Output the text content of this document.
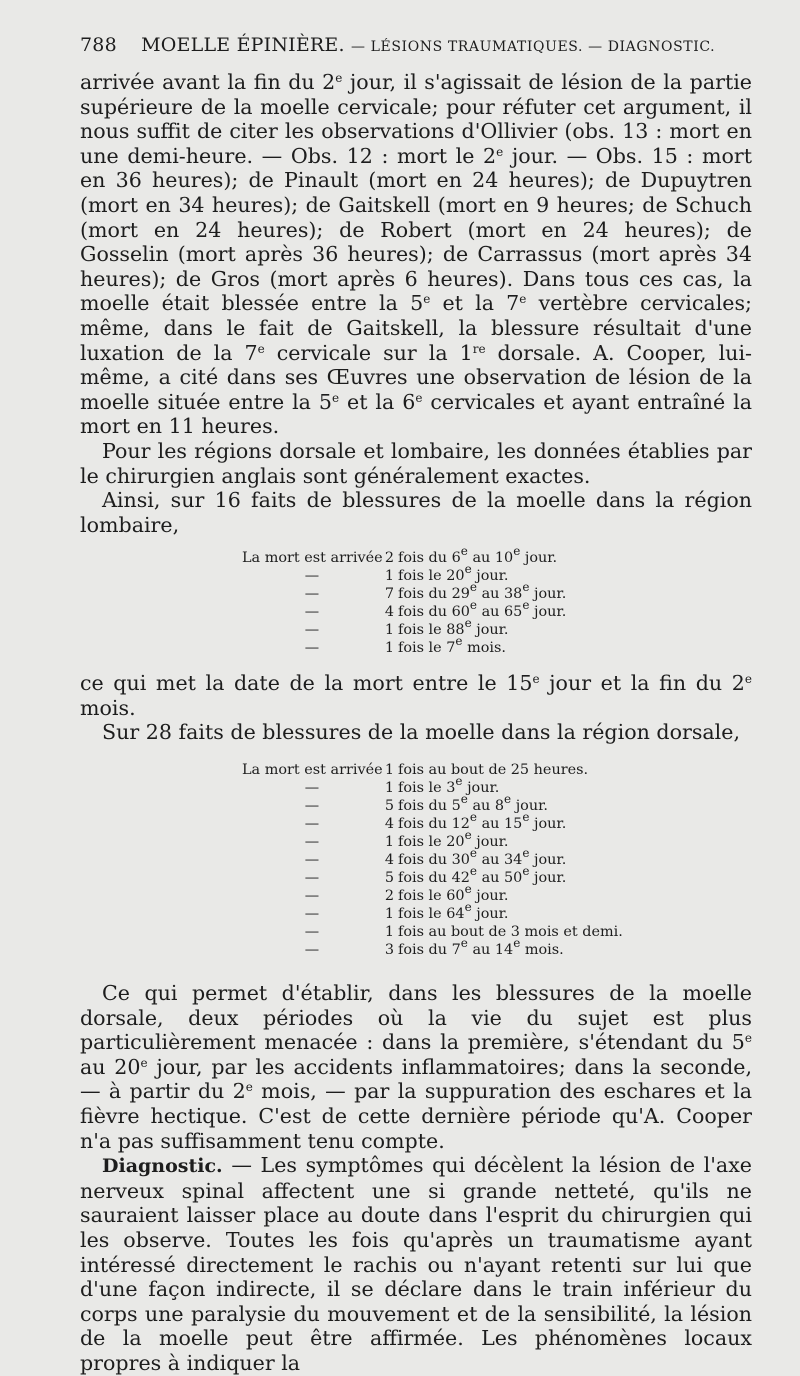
788 MOELLE ÉPINIÈRE. — LÉSIONS TRAUMATIQUES. — DIAGNOSTIC.

arrivée avant la fin du 2e jour, il s'agissait de lésion de la partie supérieure de la moelle cervicale; pour réfuter cet argument, il nous suffit de citer les observations d'Ollivier (obs. 13 : mort en une demi-heure. — Obs. 12 : mort le 2e jour. — Obs. 15 : mort en 36 heures); de Pinault (mort en 24 heures); de Dupuytren (mort en 34 heures); de Gaitskell (mort en 9 heures; de Schuch (mort en 24 heures); de Robert (mort en 24 heures); de Gosselin (mort après 36 heures); de Carrassus (mort après 34 heures); de Gros (mort après 6 heures). Dans tous ces cas, la moelle était blessée entre la 5e et la 7e vertèbre cervicales; même, dans le fait de Gaitskell, la blessure résultait d'une luxation de la 7e cervicale sur la 1re dorsale. A. Cooper, lui-même, a cité dans ses Œuvres une observation de lésion de la moelle située entre la 5e et la 6e cervicales et ayant entraîné la mort en 11 heures.

Pour les régions dorsale et lombaire, les données établies par le chirurgien anglais sont généralement exactes.

Ainsi, sur 16 faits de blessures de la moelle dans la région lombaire,

La mort est arrivée 2 fois du 6e au 10e jour.
—	1 fois le 20e jour.
—	7 fois du 29e au 38e jour.
—	4 fois du 60e au 65e jour.
—	1 fois le 88e jour.
—	1 fois le 7e mois.

ce qui met la date de la mort entre le 15e jour et la fin du 2e mois.

Sur 28 faits de blessures de la moelle dans la région dorsale,

La mort est arrivée 1 fois au bout de 25 heures.
—	1 fois le 3e jour.
—	5 fois du 5e au 8e jour.
—	4 fois du 12e au 15e jour.
—	1 fois le 20e jour.
—	4 fois du 30e au 34e jour.
—	5 fois du 42e au 50e jour.
—	2 fois le 60e jour.
—	1 fois le 64e jour.
—	1 fois au bout de 3 mois et demi.
—	3 fois du 7e au 14e mois.

Ce qui permet d'établir, dans les blessures de la moelle dorsale, deux périodes où la vie du sujet est plus particulièrement menacée : dans la première, s'étendant du 5e au 20e jour, par les accidents inflammatoires; dans la seconde, — à partir du 2e mois, — par la suppuration des eschares et la fièvre hectique. C'est de cette dernière période qu'A. Cooper n'a pas suffisamment tenu compte.

Diagnostic. — Les symptômes qui décèlent la lésion de l'axe nerveux spinal affectent une si grande netteté, qu'ils ne sauraient laisser place au doute dans l'esprit du chirurgien qui les observe. Toutes les fois qu'après un traumatisme ayant intéressé directement le rachis ou n'ayant retenti sur lui que d'une façon indirecte, il se déclare dans le train inférieur du corps une paralysie du mouvement et de la sensibilité, la lésion de la moelle peut être affirmée. Les phénomènes locaux propres à indiquer la
